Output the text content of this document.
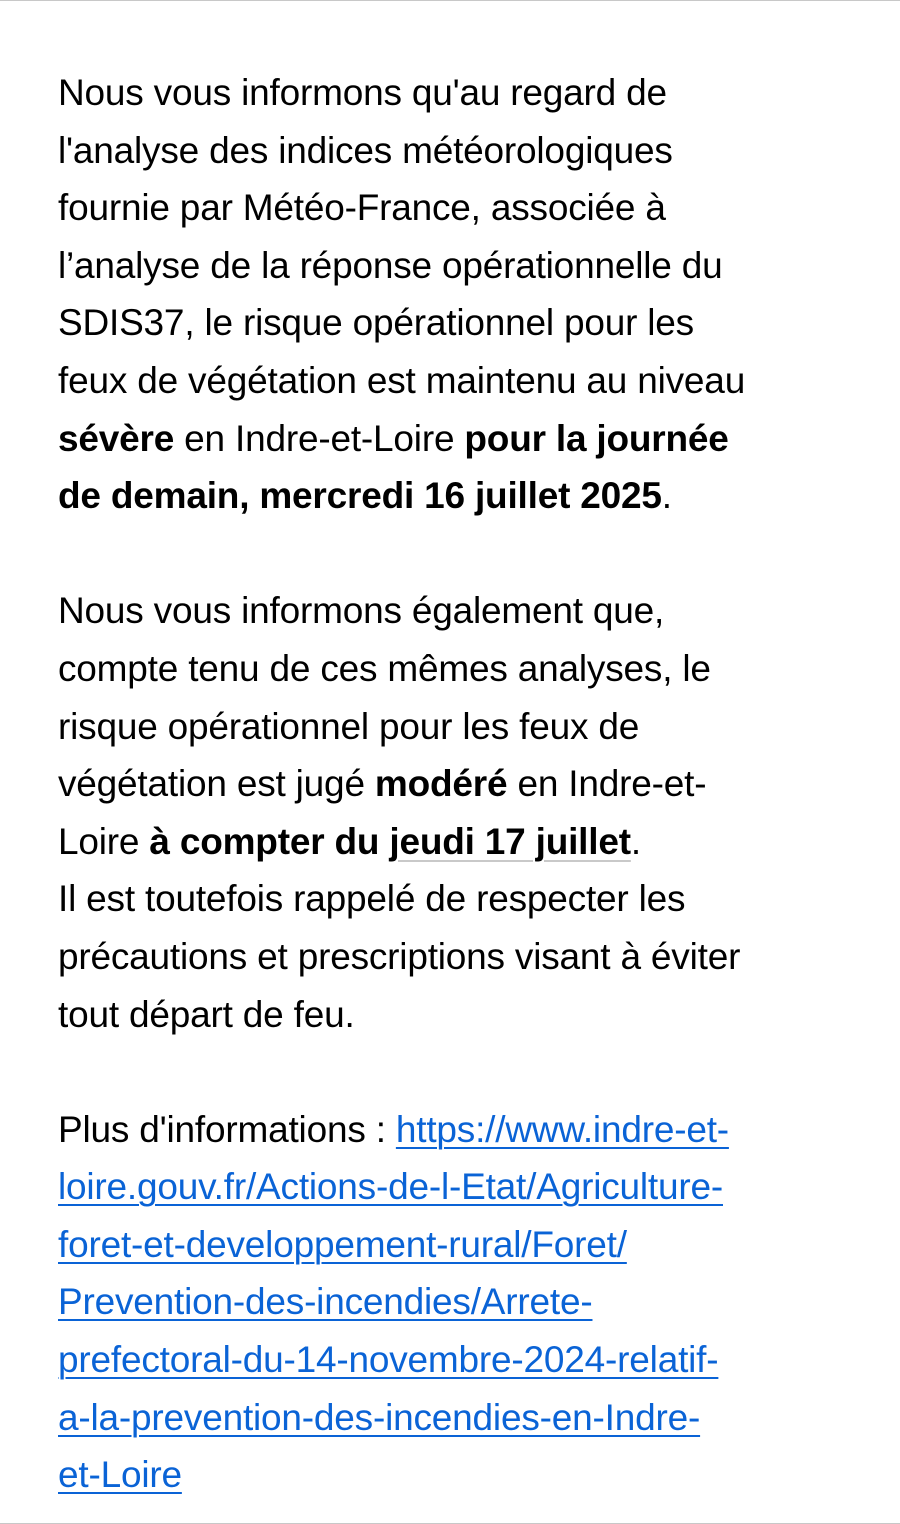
Nous vous informons qu'au regard de
l'analyse des indices météorologiques
fournie par Météo-France, associée à
l’analyse de la réponse opérationnelle du
SDIS37, le risque opérationnel pour les
feux de végétation est maintenu au niveau
sévère en Indre-et-Loire pour la journée
de demain, mercredi 16 juillet 2025.

Nous vous informons également que,
compte tenu de ces mêmes analyses, le
risque opérationnel pour les feux de
végétation est jugé modéré en Indre-et-
Loire à compter du jeudi 17 juillet.
Il est toutefois rappelé de respecter les
précautions et prescriptions visant à éviter
tout départ de feu.

Plus d'informations : https://www.indre-et-
loire.gouv.fr/Actions-de-l-Etat/Agriculture-
foret-et-developpement-rural/Foret/
Prevention-des-incendies/Arrete-
prefectoral-du-14-novembre-2024-relatif-
a-la-prevention-des-incendies-en-Indre-
et-Loire
